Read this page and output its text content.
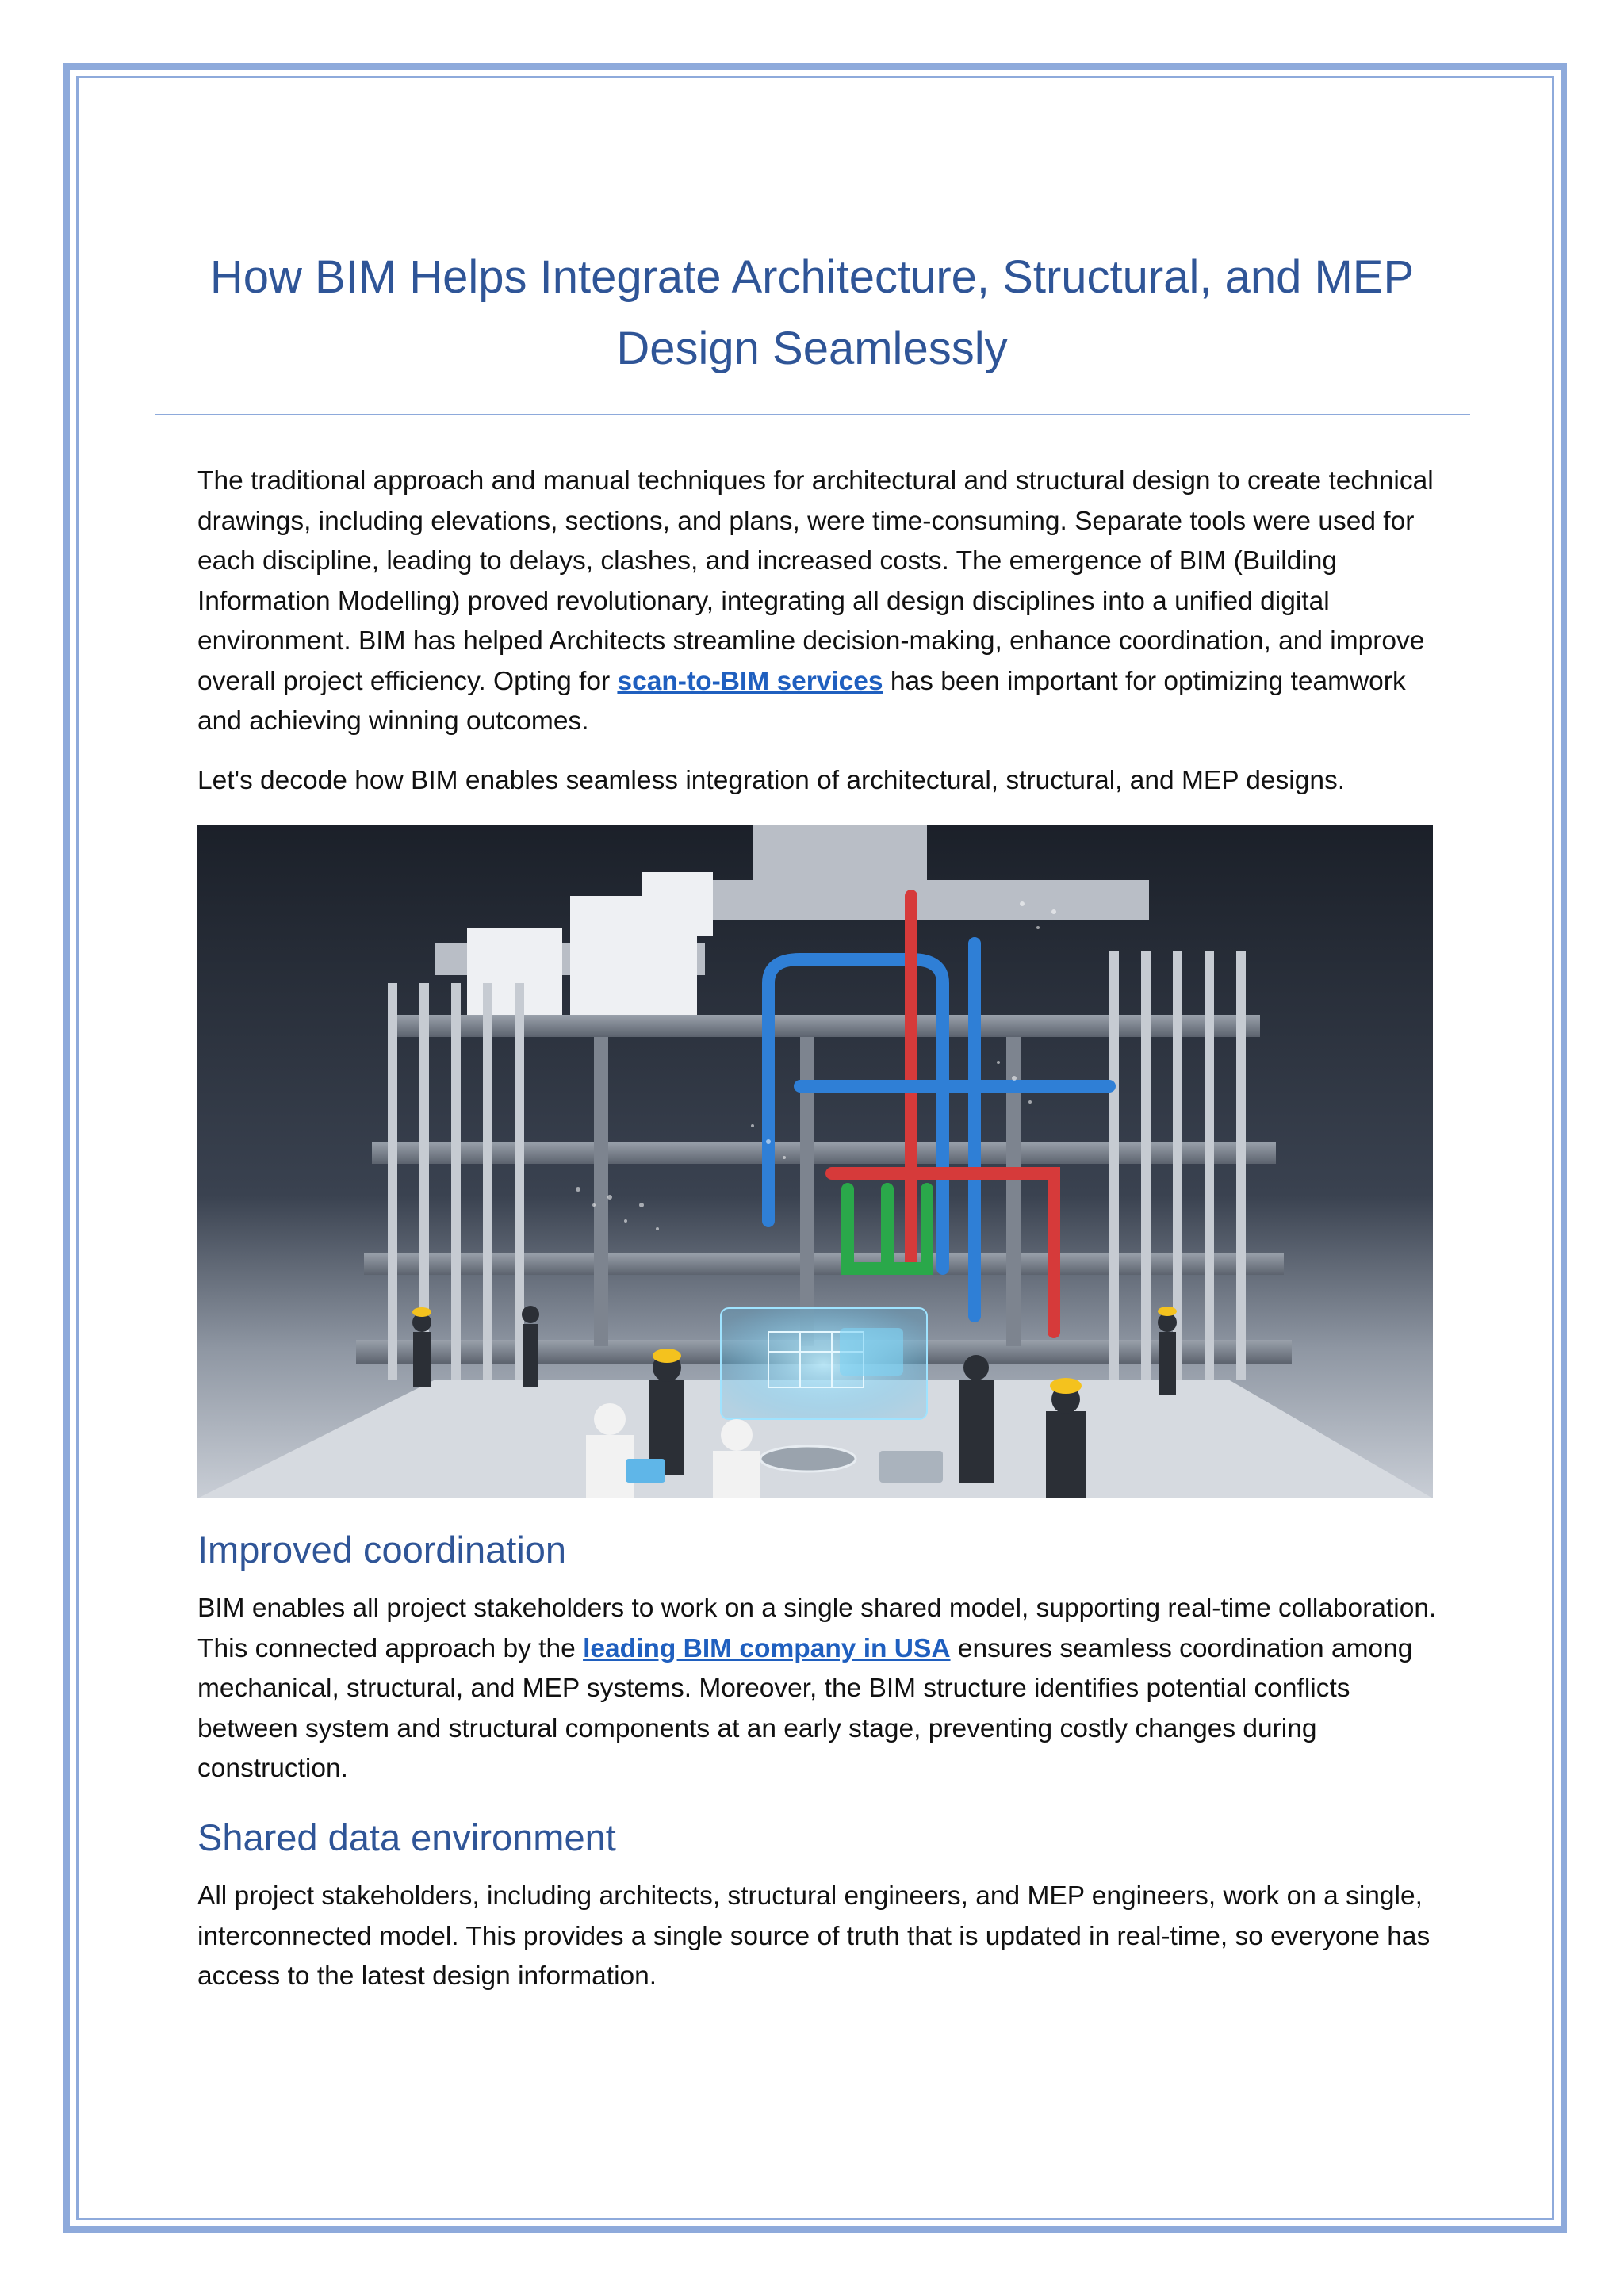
How BIM Helps Integrate Architecture, Structural, and MEP Design Seamlessly

The traditional approach and manual techniques for architectural and structural design to create technical drawings, including elevations, sections, and plans, were time-consuming. Separate tools were used for each discipline, leading to delays, clashes, and increased costs. The emergence of BIM (Building Information Modelling) proved revolutionary, integrating all design disciplines into a unified digital environment. BIM has helped Architects streamline decision-making, enhance coordination, and improve overall project efficiency. Opting for scan-to-BIM services has been important for optimizing teamwork and achieving winning outcomes.

Let's decode how BIM enables seamless integration of architectural, structural, and MEP designs.

Improved coordination

BIM enables all project stakeholders to work on a single shared model, supporting real-time collaboration. This connected approach by the leading BIM company in USA ensures seamless coordination among mechanical, structural, and MEP systems. Moreover, the BIM structure identifies potential conflicts between system and structural components at an early stage, preventing costly changes during construction.

Shared data environment

All project stakeholders, including architects, structural engineers, and MEP engineers, work on a single, interconnected model. This provides a single source of truth that is updated in real-time, so everyone has access to the latest design information.
